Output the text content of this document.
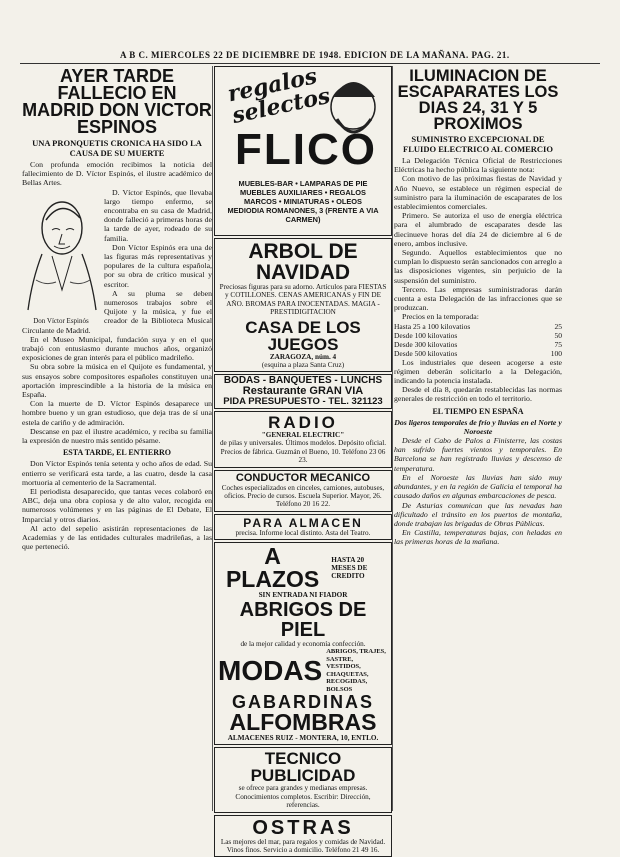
A B C. MIERCOLES 22 DE DICIEMBRE DE 1948. EDICION DE LA MAÑANA. PAG. 21.
AYER TARDE FALLECIO EN MADRID DON VICTOR ESPINOS
UNA PRONQUETIS CRONICA HA SIDO LA CAUSA DE SU MUERTE

Con profunda emoción recibimos la noticia del fallecimiento de D. Víctor Espinós, el ilustre académico de Bellas Artes.

Don Víctor Espinós

D. Víctor Espinós, que llevaba largo tiempo enfermo, se encontraba en su casa de Madrid, donde falleció a primeras horas de la tarde de ayer, rodeado de su familia.

Don Víctor Espinós era una de las figuras más representativas y populares de la cultura española, por su obra de crítico musical y escritor.

A su pluma se deben numerosos trabajos sobre el Quijote y la música, y fue el creador de la Biblioteca Musical Circulante de Madrid.

En el Museo Municipal, fundación suya y en el que trabajó con entusiasmo durante muchos años, organizó exposiciones de gran interés para el público madrileño.

Su obra sobre la música en el Quijote es fundamental, y sus ensayos sobre compositores españoles constituyen una aportación imprescindible a la historia de la música en España.

Con la muerte de D. Víctor Espinós desaparece un hombre bueno y un gran estudioso, que deja tras de sí una estela de cariño y de admiración.

Descanse en paz el ilustre académico, y reciba su familia la expresión de nuestro más sentido pésame.

ESTA TARDE, EL ENTIERRO

Don Víctor Espinós tenía setenta y ocho años de edad. Su entierro se verificará esta tarde, a las cuatro, desde la casa mortuoria al cementerio de la Sacramental.

El periodista desaparecido, que tantas veces colaboró en ABC, deja una obra copiosa y de alto valor, recogida en numerosos volúmenes y en las páginas de El Debate, El Imparcial y otros diarios.

Al acto del sepelio asistirán representaciones de las Academias y de las entidades culturales madrileñas, a las que perteneció.

regalos selectos
FLICO
MUEBLES-BAR • LAMPARAS DE PIE
MUEBLES AUXILIARES • REGALOS
MARCOS • MINIATURAS • OLEOS
MEDIODIA ROMANONES, 3 (FRENTE A VIA CARMEN)
ARBOL DE NAVIDAD
Preciosas figuras para su adorno. Artículos para FIESTAS y COTILLONES. CENAS AMERICANAS y FIN DE AÑO. BROMAS PARA INOCENTADAS. MAGIA - PRESTIDIGITACION
CASA DE LOS JUEGOS
ZARAGOZA, núm. 4
(esquina a plaza Santa Cruz)
BODAS - BANQUETES - LUNCHS
Restaurante GRAN VIA
PIDA PRESUPUESTO - TEL. 321123
RADIO
"GENERAL ELECTRIC"
de pilas y universales. Últimos modelos. Depósito oficial. Precios de fábrica. Guzmán el Bueno, 10. Teléfono 23 06 23.
CONDUCTOR MECANICO
Coches especializados en cinceles, camiones, autobuses, oficios. Precio de cursos. Escuela Superior. Mayor, 26. Teléfono 20 16 22.
PARA ALMACEN
precisa. Informe local distinto. Asta del Teatro.
A PLAZOS
HASTA 20 MESES DE CREDITO
SIN ENTRADA NI FIADOR
ABRIGOS DE PIEL
de la mejor calidad y economía confección.
MODAS
ABRIGOS, TRAJES, SASTRE, VESTIDOS, CHAQUETAS, RECOGIDAS, BOLSOS
GABARDINAS
ALFOMBRAS
ALMACENES RUIZ - MONTERA, 10, ENTLO.
TECNICO PUBLICIDAD
se ofrece para grandes y medianas empresas. Conocimientos completos. Escribir: Dirección, referencias.
OSTRAS
Las mejores del mar, para regalos y comidas de Navidad. Vinos finos. Servicio a domicilio. Teléfono 21 49 16.
ILUMINACION DE ESCAPARATES LOS DIAS 24, 31 Y 5 PROXIMOS
SUMINISTRO EXCEPCIONAL DE FLUIDO ELECTRICO AL COMERCIO

La Delegación Técnica Oficial de Restricciones Eléctricas ha hecho pública la siguiente nota:

Con motivo de las próximas fiestas de Navidad y Año Nuevo, se establece un régimen especial de suministro para la iluminación de escaparates de los establecimientos comerciales.

Primero. Se autoriza el uso de energía eléctrica para el alumbrado de escaparates desde las diecinueve horas del día 24 de diciembre al 6 de enero, ambos inclusive.

Segundo. Aquellos establecimientos que no cumplan lo dispuesto serán sancionados con arreglo a las disposiciones vigentes, sin perjuicio de la suspensión del suministro.

Tercero. Las empresas suministradoras darán cuenta a esta Delegación de las infracciones que se produzcan.

Precios en la temporada:

Hasta 25 a 100 kilovatios	25
Desde 100 kilovatios	50
Desde 300 kilovatios	75
Desde 500 kilovatios	100

Los industriales que deseen acogerse a este régimen deberán solicitarlo a la Delegación, indicando la potencia instalada.

Desde el día 8, quedarán restablecidas las normas generales de restricción en todo el territorio.

EL TIEMPO EN ESPAÑA
Dos ligeros temporales de frío y lluvias en el Norte y Noroeste

Desde el Cabo de Palos a Finisterre, las costas han sufrido fuertes vientos y temporales. En Barcelona se han registrado lluvias y descenso de temperatura.

En el Noroeste las lluvias han sido muy abundantes, y en la región de Galicia el temporal ha causado daños en algunas embarcaciones de pesca.

De Asturias comunican que las nevadas han dificultado el tránsito en los puertos de montaña, donde trabajan las brigadas de Obras Públicas.

En Castilla, temperaturas bajas, con heladas en las primeras horas de la mañana.
